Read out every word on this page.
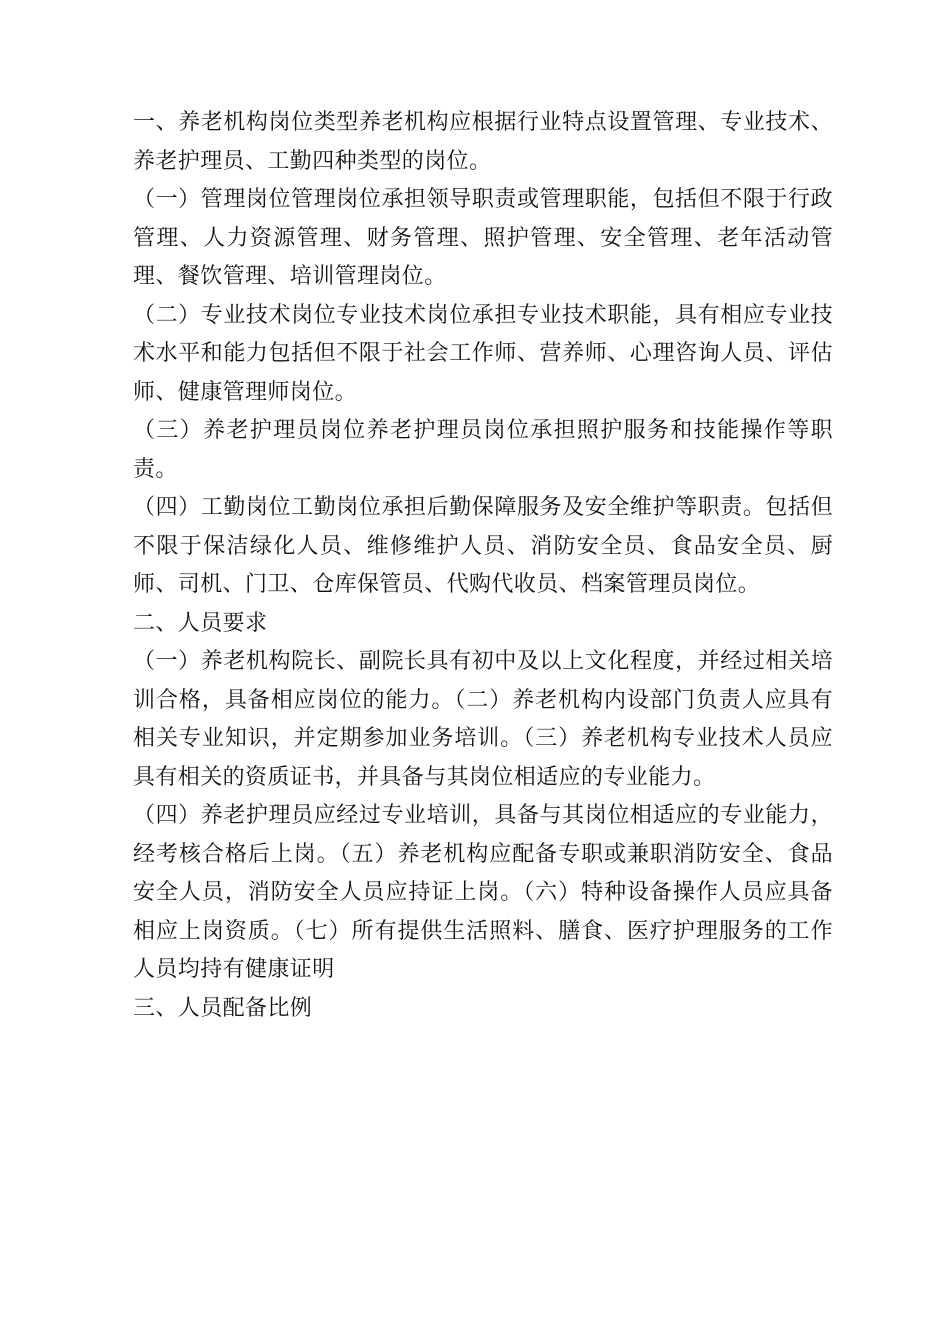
一、养老机构岗位类型养老机构应根据行业特点设置管理、专业技术、养老护理员、工勤四种类型的岗位。

（一）管理岗位管理岗位承担领导职责或管理职能，包括但不限于行政管理、人力资源管理、财务管理、照护管理、安全管理、老年活动管理、餐饮管理、培训管理岗位。

（二）专业技术岗位专业技术岗位承担专业技术职能，具有相应专业技术水平和能力包括但不限于社会工作师、营养师、心理咨询人员、评估师、健康管理师岗位。

（三）养老护理员岗位养老护理员岗位承担照护服务和技能操作等职责。

（四）工勤岗位工勤岗位承担后勤保障服务及安全维护等职责。包括但不限于保洁绿化人员、维修维护人员、消防安全员、食品安全员、厨师、司机、门卫、仓库保管员、代购代收员、档案管理员岗位。

二、人员要求

（一）养老机构院长、副院长具有初中及以上文化程度，并经过相关培训合格，具备相应岗位的能力。（二）养老机构内设部门负责人应具有相关专业知识，并定期参加业务培训。（三）养老机构专业技术人员应具有相关的资质证书，并具备与其岗位相适应的专业能力。

（四）养老护理员应经过专业培训，具备与其岗位相适应的专业能力，经考核合格后上岗。（五）养老机构应配备专职或兼职消防安全、食品安全人员，消防安全人员应持证上岗。（六）特种设备操作人员应具备相应上岗资质。（七）所有提供生活照料、膳食、医疗护理服务的工作人员均持有健康证明

三、人员配备比例
